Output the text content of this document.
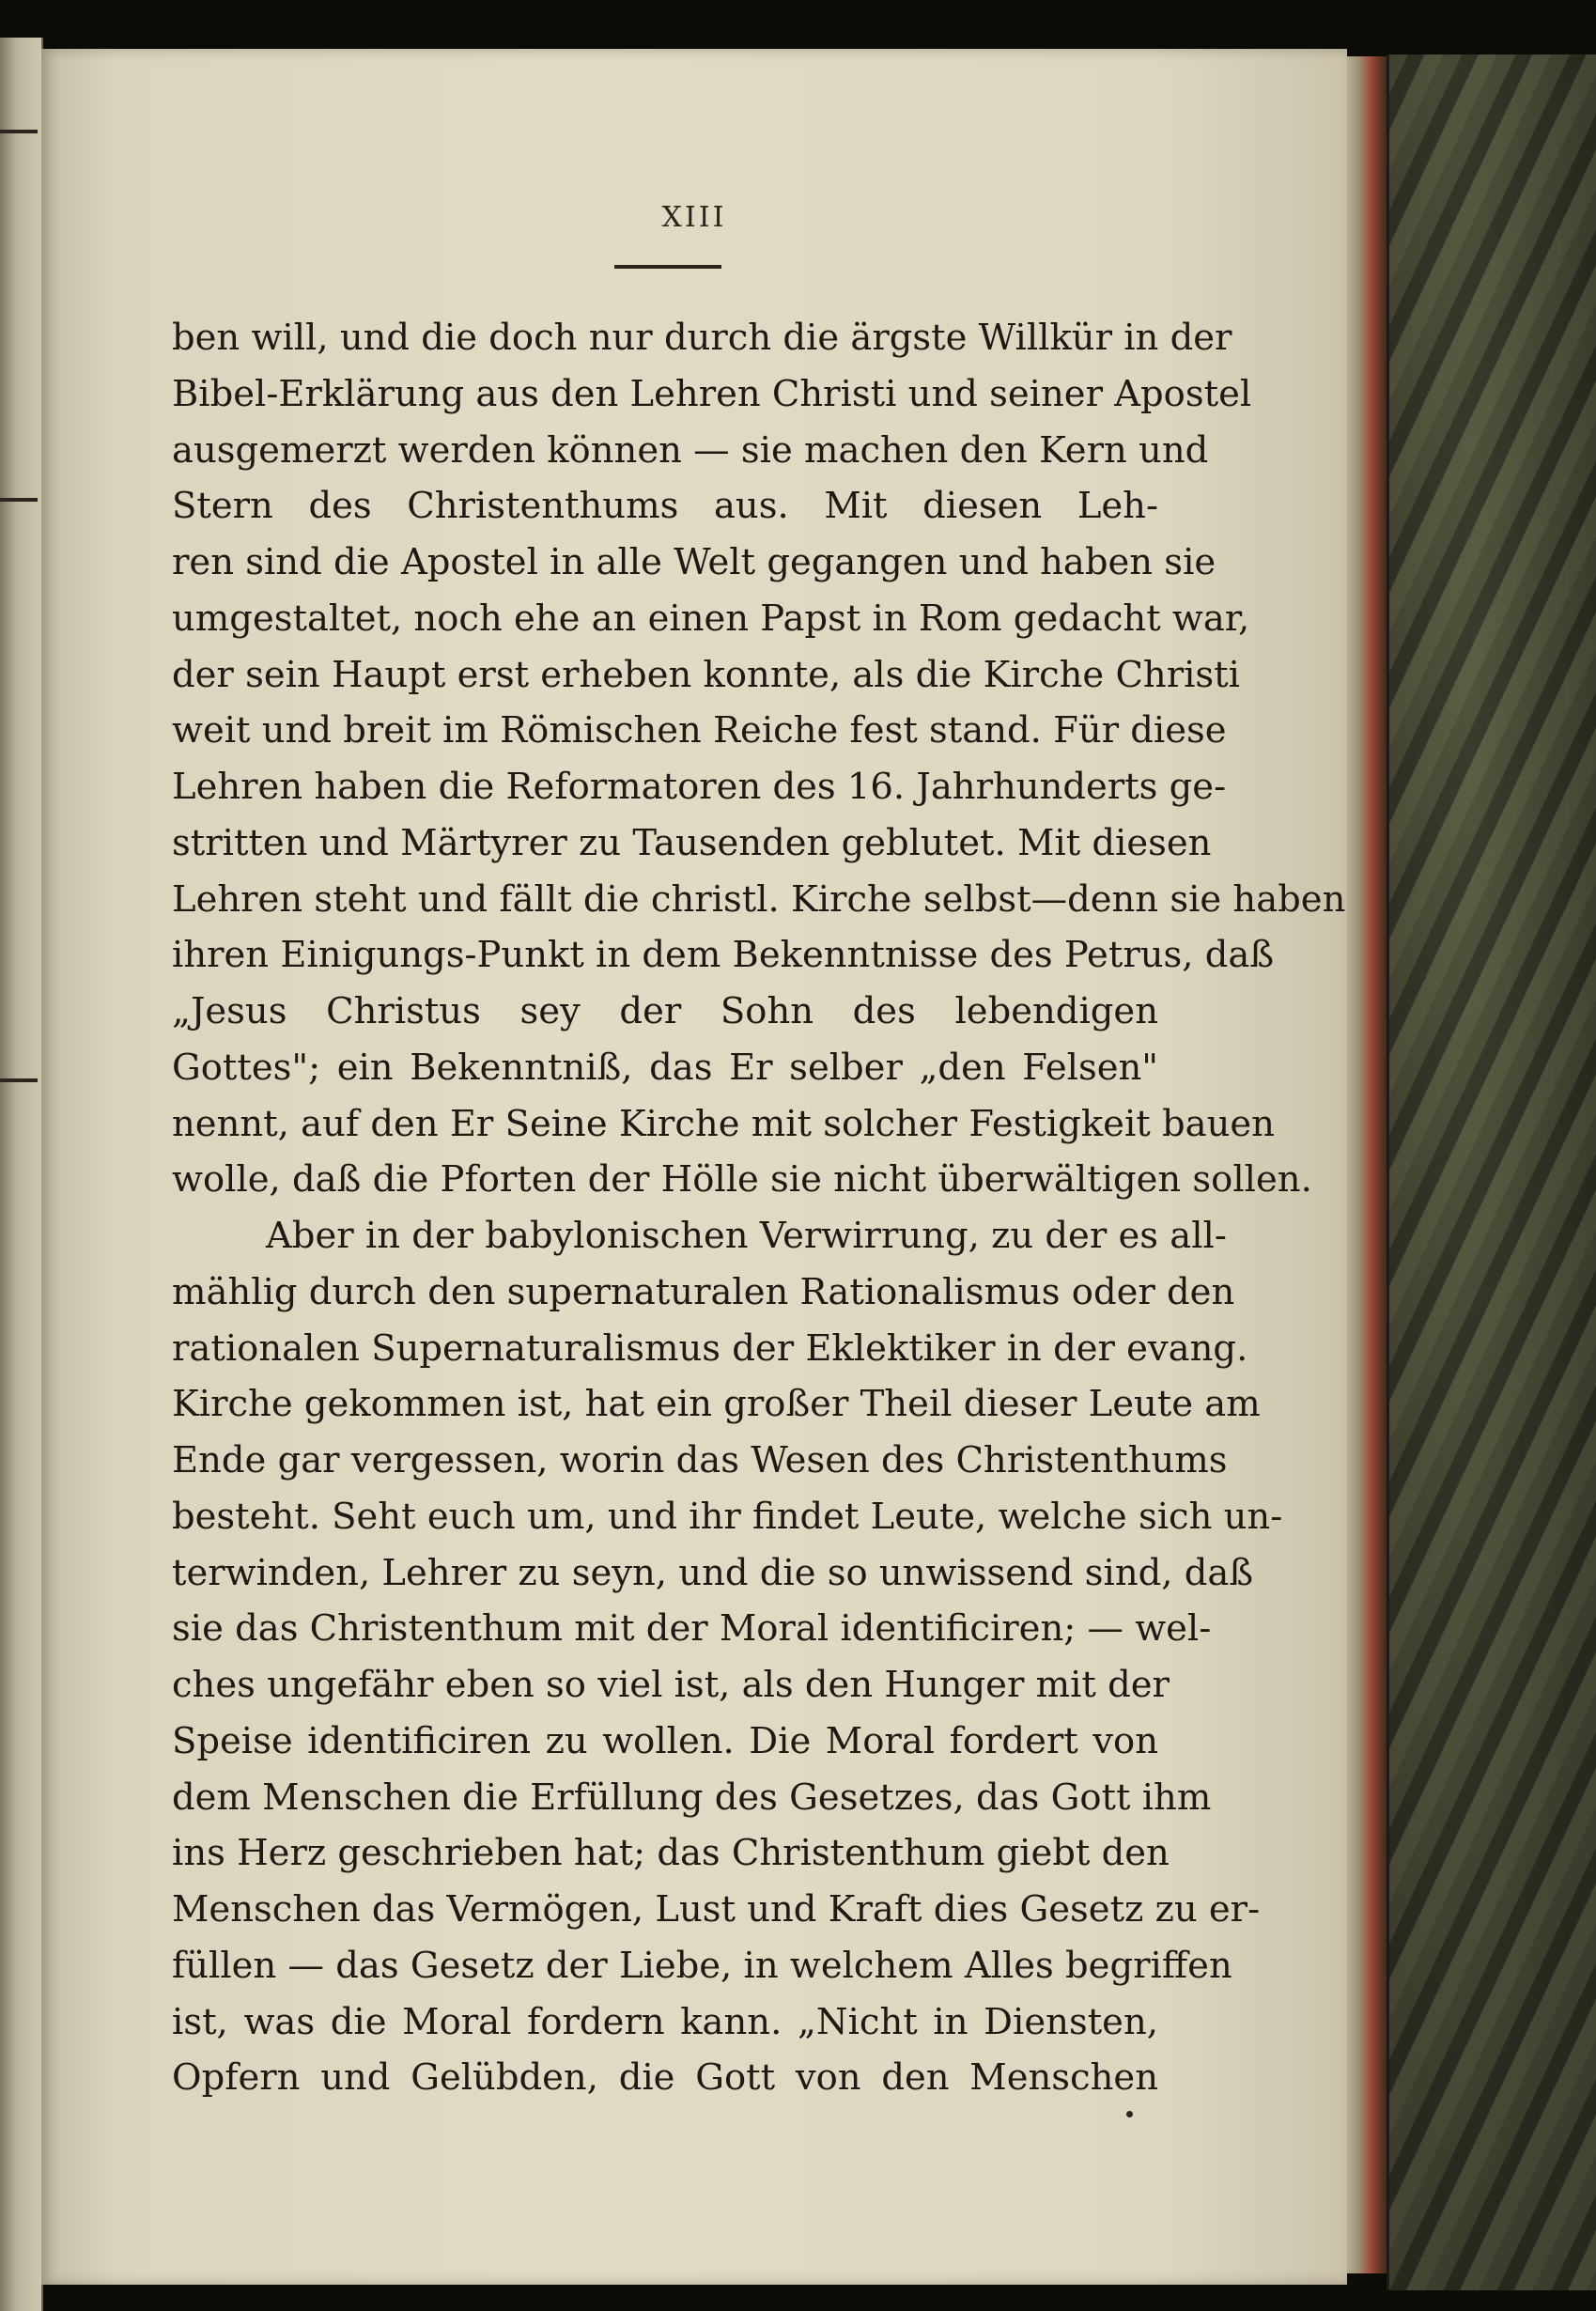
XIII
ben will, und die doch nur durch die ärgste Willkür in der
Bibel-Erklärung aus den Lehren Christi und seiner Apostel
ausgemerzt werden können — sie machen den Kern und
Stern des Christenthums aus. Mit diesen Leh-
ren sind die Apostel in alle Welt gegangen und haben sie
umgestaltet, noch ehe an einen Papst in Rom gedacht war,
der sein Haupt erst erheben konnte, als die Kirche Christi
weit und breit im Römischen Reiche fest stand. Für diese
Lehren haben die Reformatoren des 16. Jahrhunderts ge-
stritten und Märtyrer zu Tausenden geblutet. Mit diesen
Lehren steht und fällt die christl. Kirche selbst—denn sie haben
ihren Einigungs-Punkt in dem Bekenntnisse des Petrus, daß
„Jesus Christus sey der Sohn des lebendigen
Gottes"; ein Bekenntniß, das Er selber „den Felsen"
nennt, auf den Er Seine Kirche mit solcher Festigkeit bauen
wolle, daß die Pforten der Hölle sie nicht überwältigen sollen.
Aber in der babylonischen Verwirrung, zu der es all-
mählig durch den supernaturalen Rationalismus oder den
rationalen Supernaturalismus der Eklektiker in der evang.
Kirche gekommen ist, hat ein großer Theil dieser Leute am
Ende gar vergessen, worin das Wesen des Christenthums
besteht. Seht euch um, und ihr findet Leute, welche sich un-
terwinden, Lehrer zu seyn, und die so unwissend sind, daß
sie das Christenthum mit der Moral identificiren; — wel-
ches ungefähr eben so viel ist, als den Hunger mit der
Speise identificiren zu wollen. Die Moral fordert von
dem Menschen die Erfüllung des Gesetzes, das Gott ihm
ins Herz geschrieben hat; das Christenthum giebt den
Menschen das Vermögen, Lust und Kraft dies Gesetz zu er-
füllen — das Gesetz der Liebe, in welchem Alles begriffen
ist, was die Moral fordern kann. „Nicht in Diensten,
Opfern und Gelübden, die Gott von den Menschen
